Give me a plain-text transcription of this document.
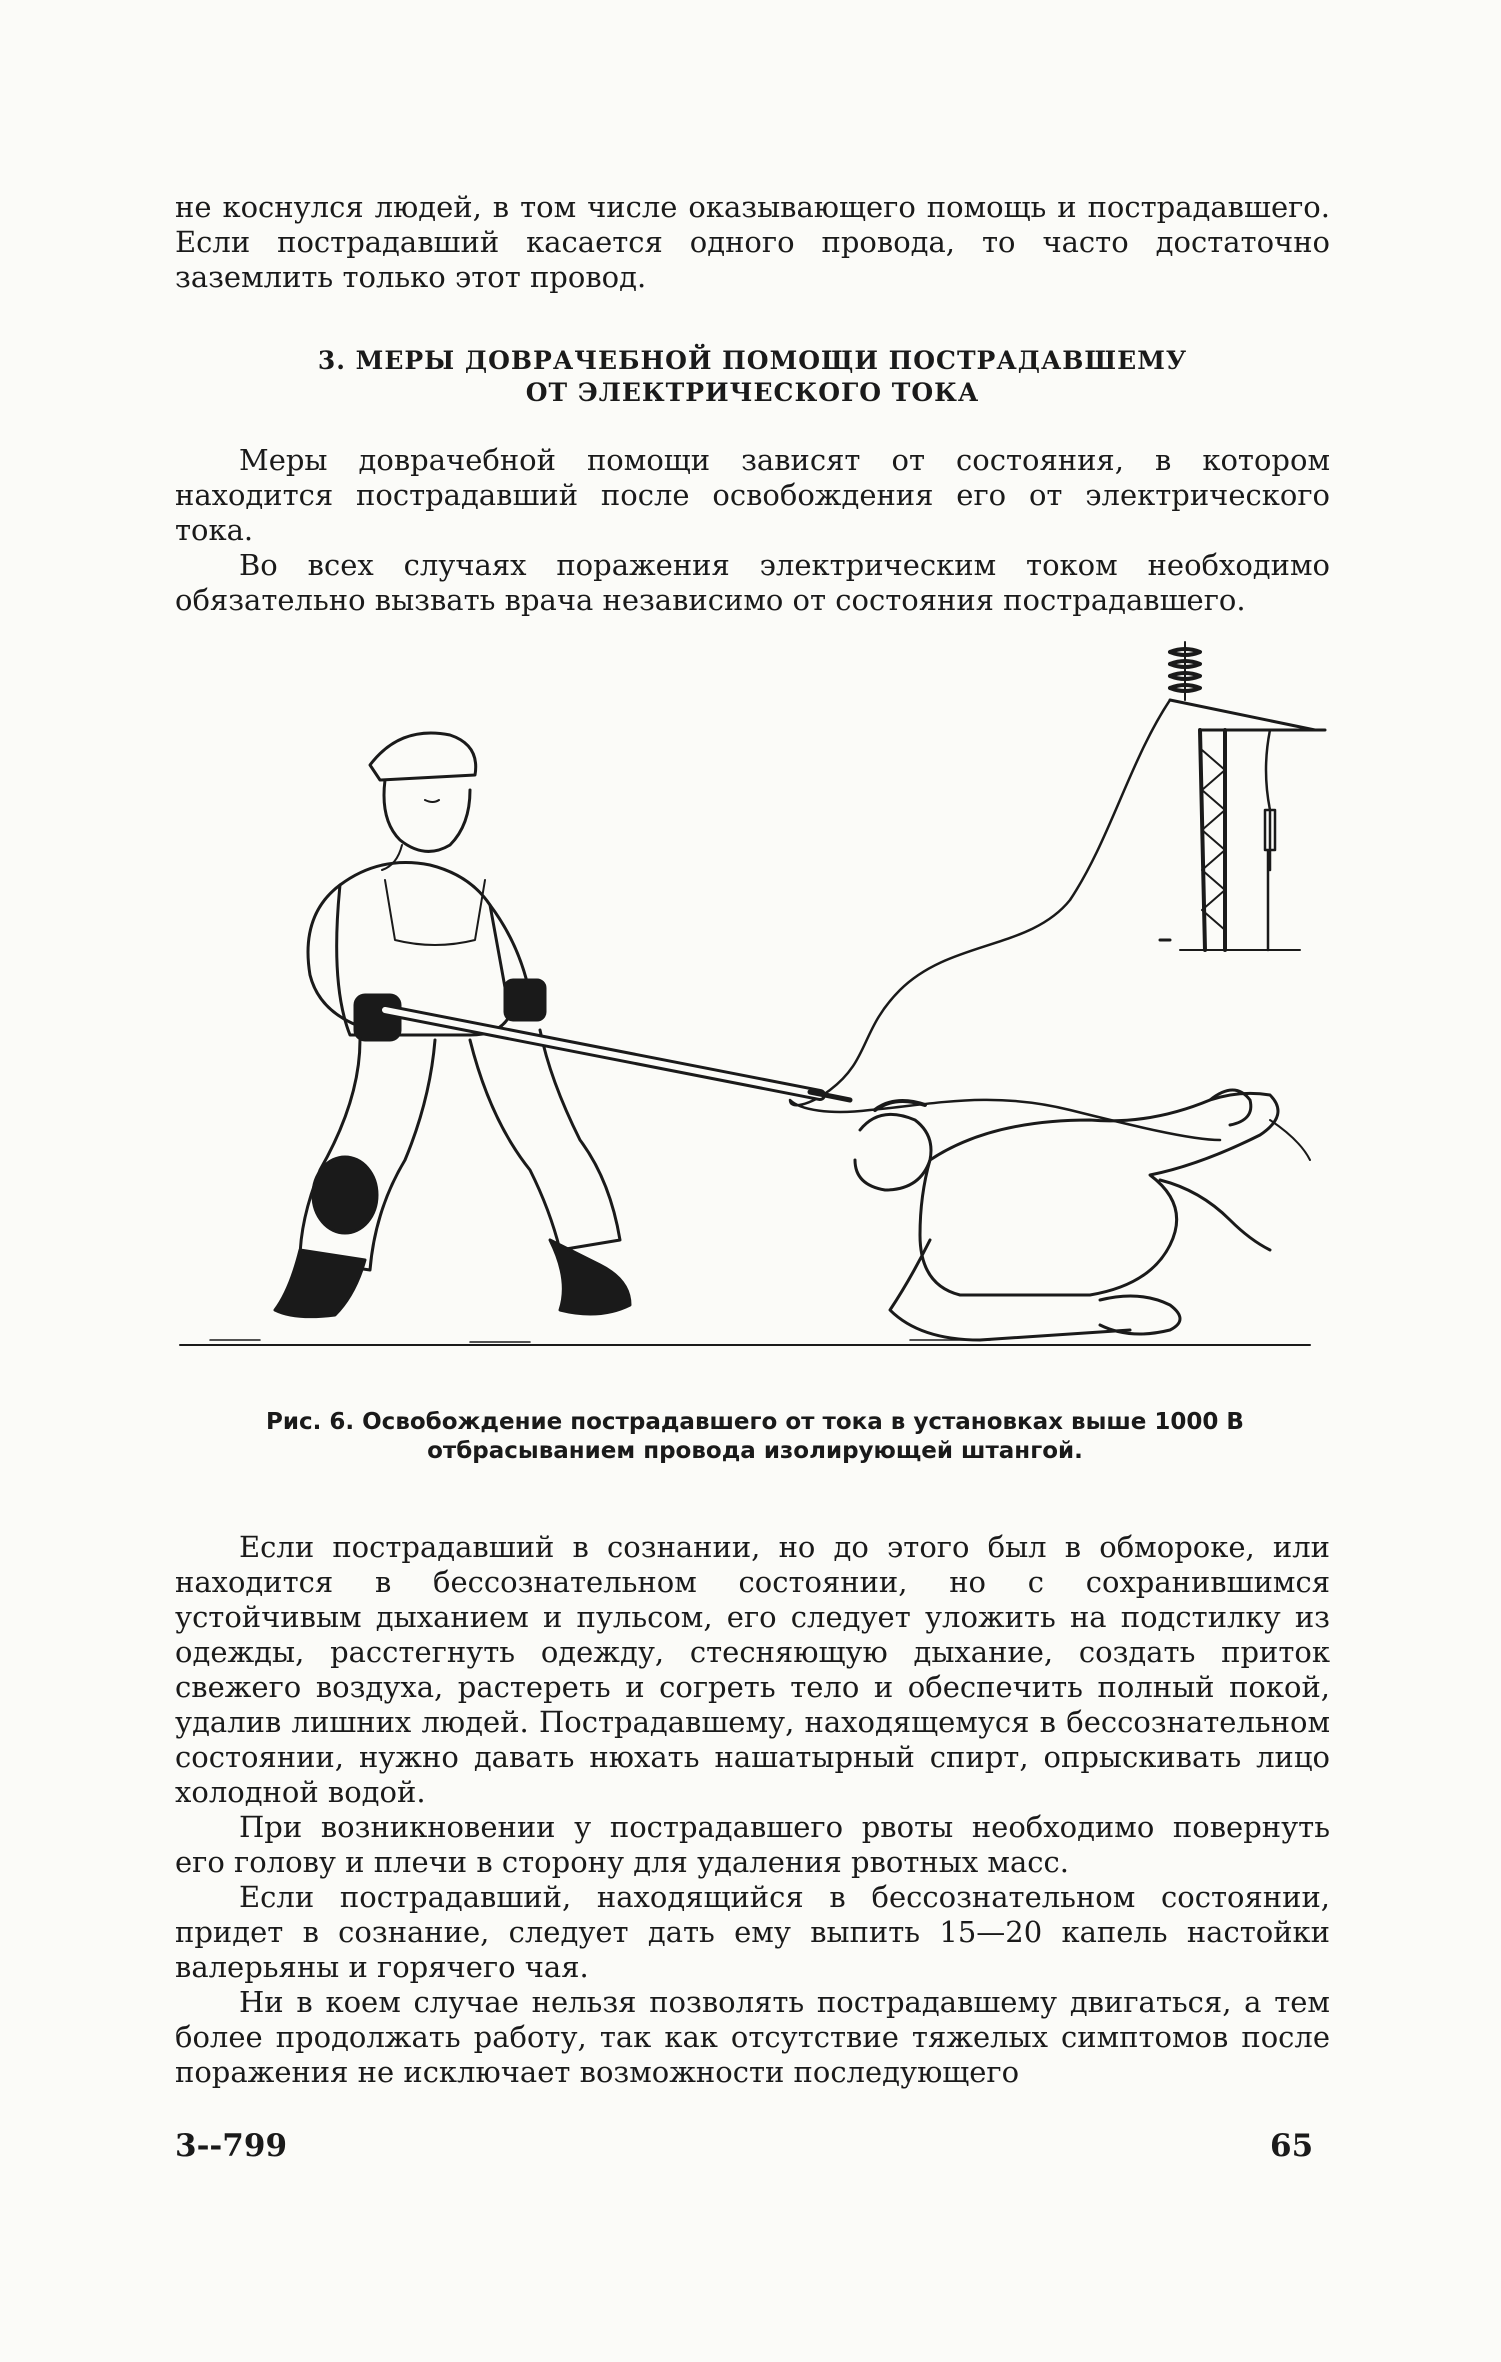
не коснулся людей, в том числе оказывающего помощь и пострадавшего. Если пострадавший касается одного провода, то часто достаточно заземлить только этот провод.

3. МЕРЫ ДОВРАЧЕБНОЙ ПОМОЩИ ПОСТРАДАВШЕМУ
ОТ ЭЛЕКТРИЧЕСКОГО ТОКА

Меры доврачебной помощи зависят от состояния, в котором находится пострадавший после освобождения его от электрического тока.

Во всех случаях поражения электрическим током необходимо обязательно вызвать врача независимо от состояния пострадавшего.

Рис. 6. Освобождение пострадавшего от тока в установках выше 1000 В
отбрасыванием провода изолирующей штангой.

Если пострадавший в сознании, но до этого был в обмороке, или находится в бессознательном состоянии, но с сохранившимся устойчивым дыханием и пульсом, его следует уложить на подстилку из одежды, расстегнуть одежду, стесняющую дыхание, создать приток свежего воздуха, растереть и согреть тело и обеспечить полный покой, удалив лишних людей. Пострадавшему, находящемуся в бессознательном состоянии, нужно давать нюхать нашатырный спирт, опрыскивать лицо холодной водой.

При возникновении у пострадавшего рвоты необходимо повернуть его голову и плечи в сторону для удаления рвотных масс.

Если пострадавший, находящийся в бессознательном состоянии, придет в сознание, следует дать ему выпить 15—20 капель настойки валерьяны и горячего чая.

Ни в коем случае нельзя позволять пострадавшему двигаться, а тем более продолжать работу, так как отсутствие тяжелых симптомов после поражения не исключает возможности последующего

3--799	65
